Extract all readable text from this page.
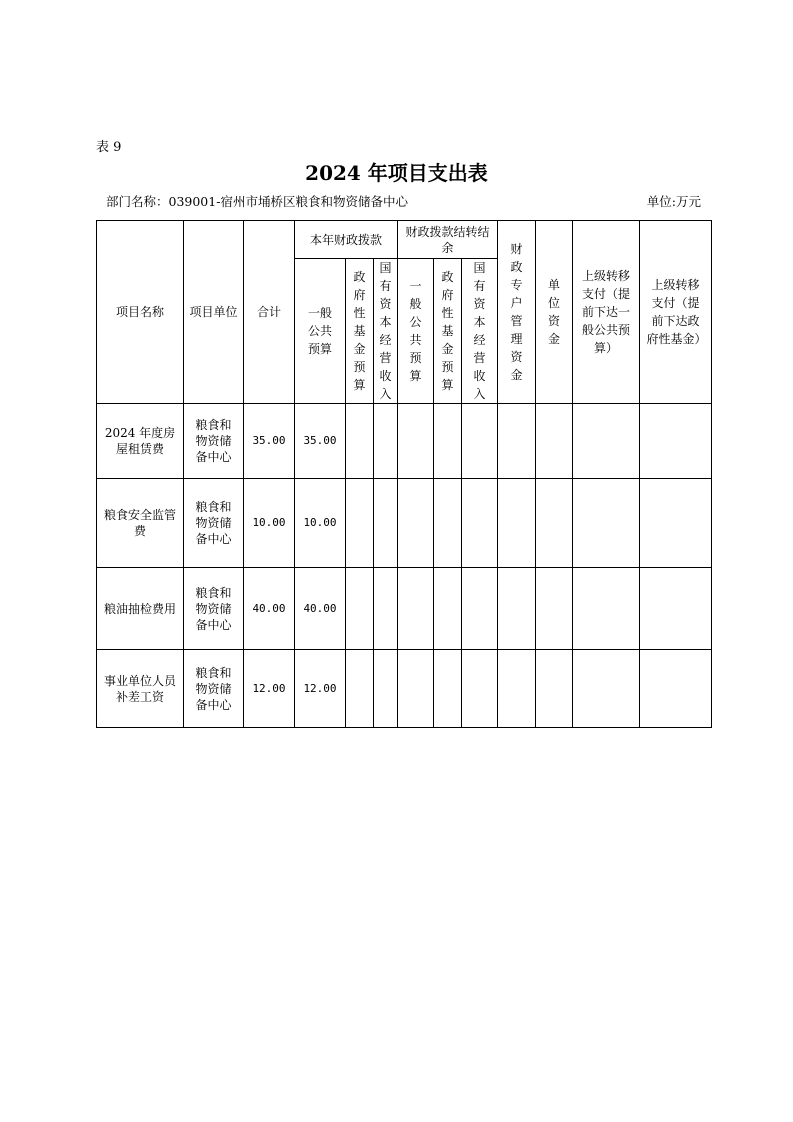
表 9
2024 年项目支出表
部门名称：039001-宿州市埇桥区粮食和物资储备中心	单位:万元
项目名称	项目单位	合计	本年财政拨款			财政拨款结转结余			财政专户管理资金	单位资金	上级转移支付（提前下达一般公共预算）	上级转移支付（提前下达政府性基金）
			一般公共预算	政府性基金预算	国有资本经营收入	一般公共预算	政府性基金预算	国有资本经营收入				
2024 年度房屋租赁费	粮食和物资储备中心	35.00	35.00									
粮食安全监管费	粮食和物资储备中心	10.00	10.00									
粮油抽检费用	粮食和物资储备中心	40.00	40.00									
事业单位人员补差工资	粮食和物资储备中心	12.00	12.00									
